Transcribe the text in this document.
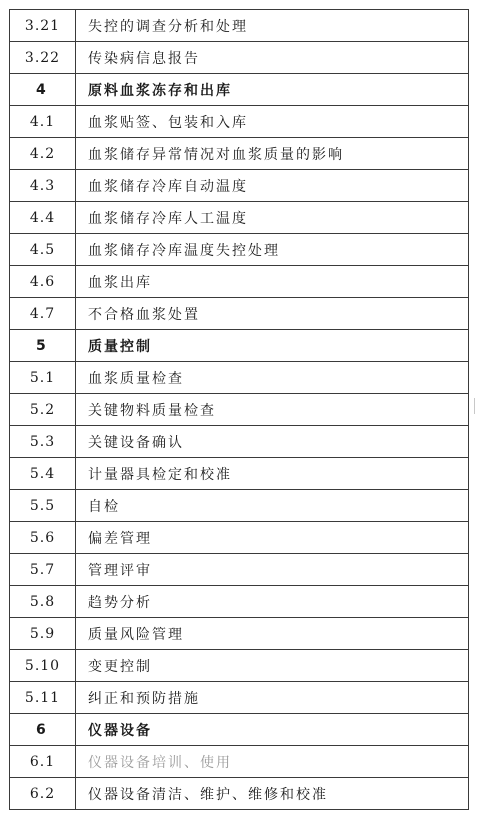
3.21	失控的调查分析和处理
3.22	传染病信息报告
4	原料血浆冻存和出库
4.1	血浆贴签、包装和入库
4.2	血浆储存异常情况对血浆质量的影响
4.3	血浆储存冷库自动温度
4.4	血浆储存冷库人工温度
4.5	血浆储存冷库温度失控处理
4.6	血浆出库
4.7	不合格血浆处置
5	质量控制
5.1	血浆质量检查
5.2	关键物料质量检查
5.3	关键设备确认
5.4	计量器具检定和校准
5.5	自检
5.6	偏差管理
5.7	管理评审
5.8	趋势分析
5.9	质量风险管理
5.10	变更控制
5.11	纠正和预防措施
6	仪器设备
6.1	仪器设备培训、使用
6.2	仪器设备清洁、维护、维修和校准
